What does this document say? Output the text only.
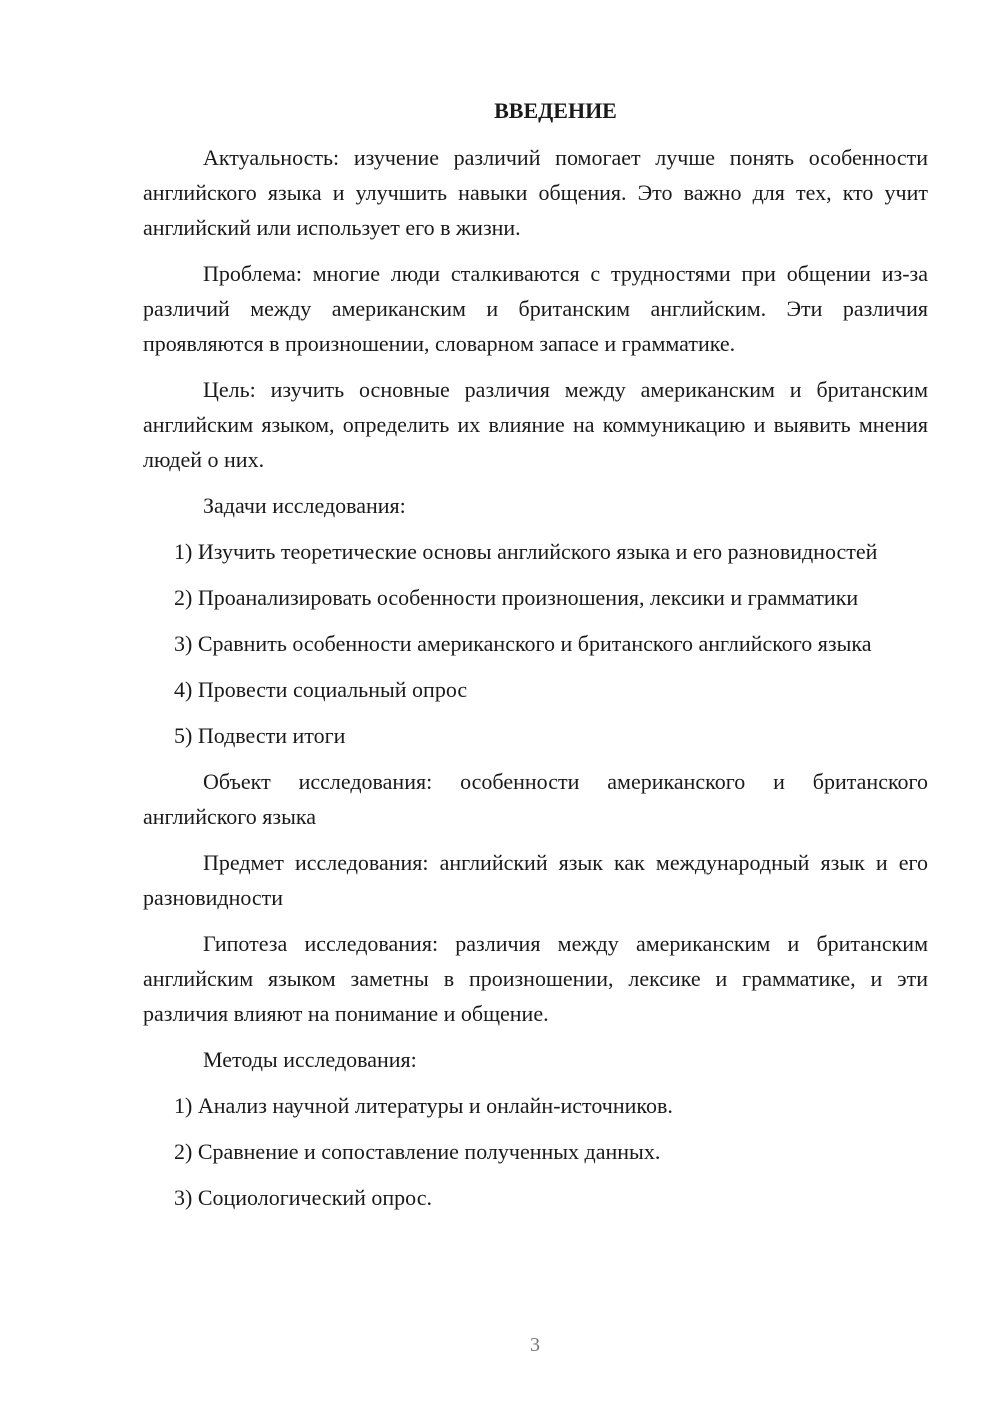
ВВЕДЕНИЕ

Актуальность: изучение различий помогает лучше понять особенности английского языка и улучшить навыки общения. Это важно для тех, кто учит английский или использует его в жизни.

Проблема: многие люди сталкиваются с трудностями при общении из-за различий между американским и британским английским. Эти различия проявляются в произношении, словарном запасе и грамматике.

Цель: изучить основные различия между американским и британским английским языком, определить их влияние на коммуникацию и выявить мнения людей о них.

Задачи исследования:

1) Изучить теоретические основы английского языка и его разновидностей

2) Проанализировать особенности произношения, лексики и грамматики

3) Сравнить особенности американского и британского английского языка

4) Провести социальный опрос

5) Подвести итоги

Объект исследования: особенности американского и британского английского языка

Предмет исследования: английский язык как международный язык и его разновидности

Гипотеза исследования: различия между американским и британским английским языком заметны в произношении, лексике и грамматике, и эти различия влияют на понимание и общение.

Методы исследования:

1) Анализ научной литературы и онлайн-источников.

2) Сравнение и сопоставление полученных данных.

3) Социологический опрос.

3
